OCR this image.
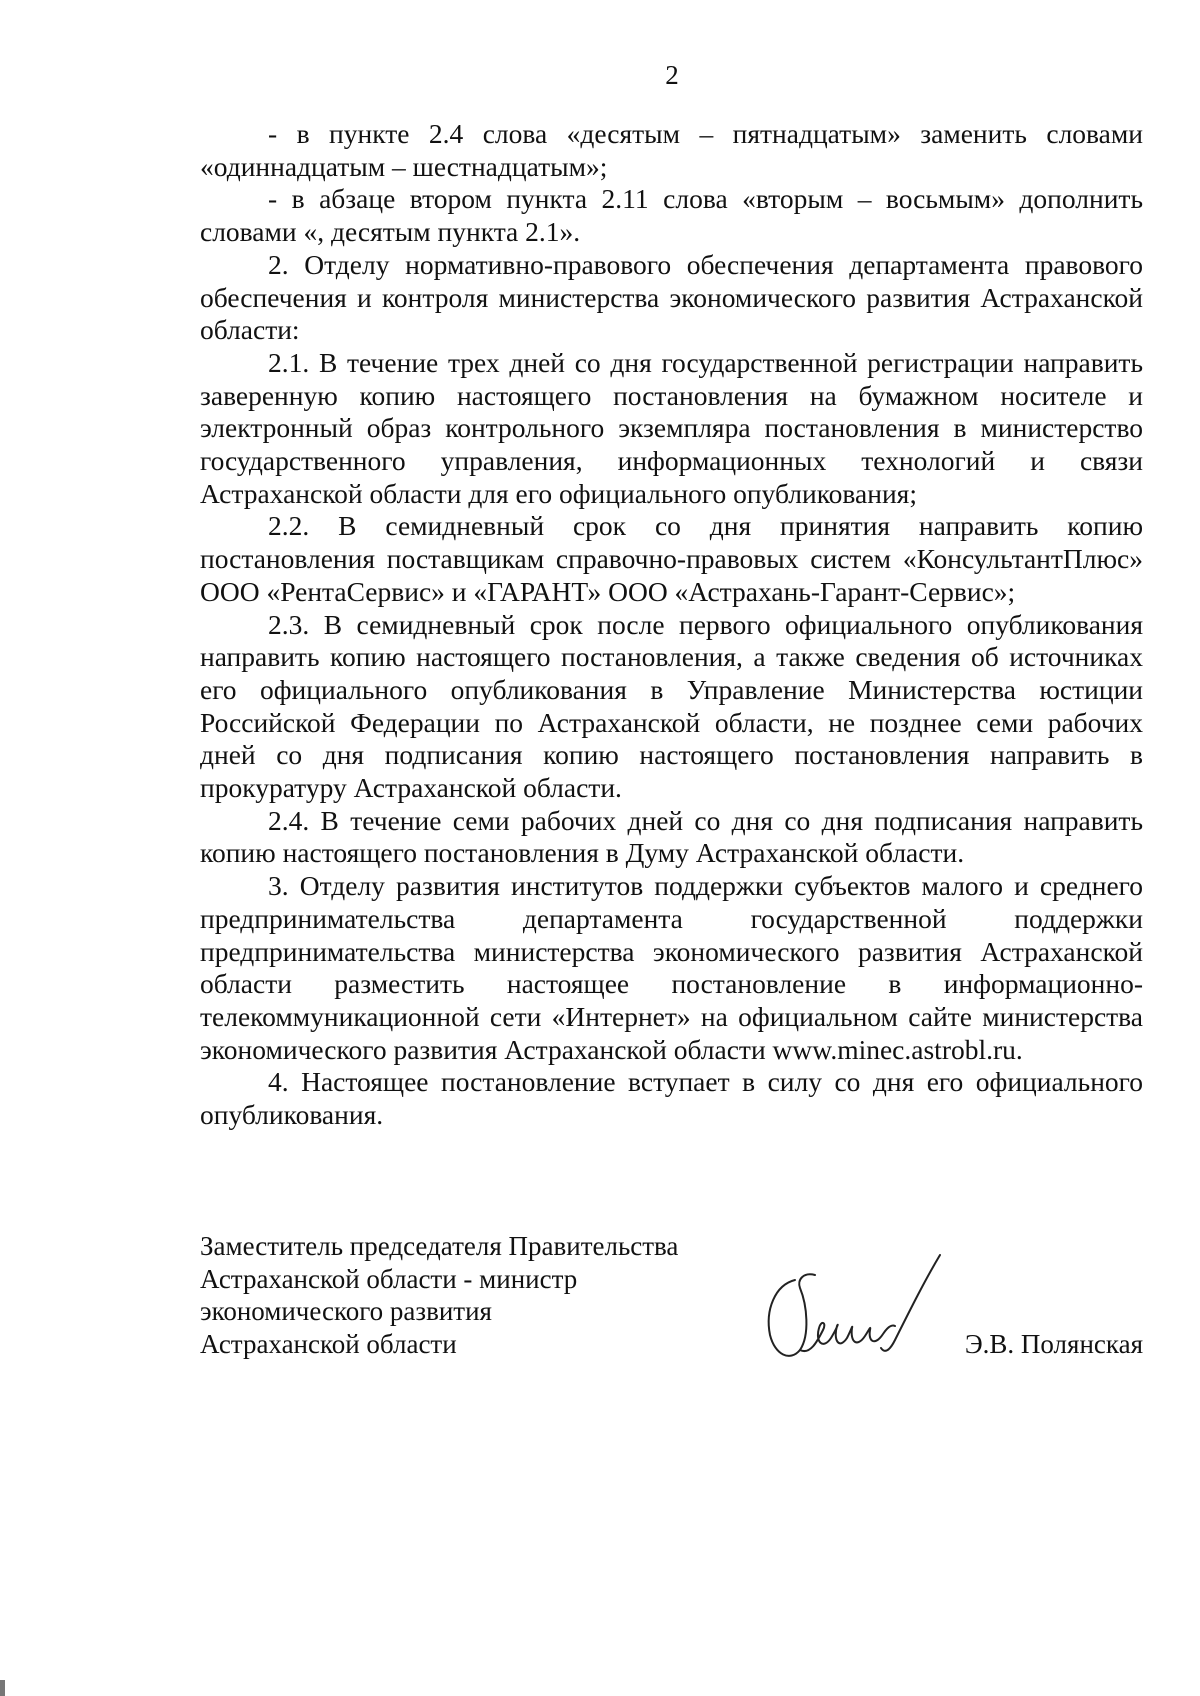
2

- в пункте 2.4 слова «десятым – пятнадцатым» заменить словами «одиннадцатым – шестнадцатым»;

- в абзаце втором пункта 2.11 слова «вторым – восьмым» дополнить словами «, десятым пункта 2.1».

2. Отделу нормативно-правового обеспечения департамента правового обеспечения и контроля министерства экономического развития Астраханской области:

2.1. В течение трех дней со дня государственной регистрации направить заверенную копию настоящего постановления на бумажном носителе и электронный образ контрольного экземпляра постановления в министерство государственного управления, информационных технологий и связи Астраханской области для его официального опубликования;

2.2. В семидневный срок со дня принятия направить копию постановления поставщикам справочно-правовых систем «КонсультантПлюс» ООО «РентаСервис» и «ГАРАНТ» ООО «Астрахань-Гарант-Сервис»;

2.3. В семидневный срок после первого официального опубликования направить копию настоящего постановления, а также сведения об источниках его официального опубликования в Управление Министерства юстиции Российской Федерации по Астраханской области, не позднее семи рабочих дней со дня подписания копию настоящего постановления направить в прокуратуру Астраханской области.

2.4. В течение семи рабочих дней со дня со дня подписания направить копию настоящего постановления в Думу Астраханской области.

3. Отделу развития институтов поддержки субъектов малого и среднего предпринимательства департамента государственной поддержки предпринимательства министерства экономического развития Астраханской области разместить настоящее постановление в информационно-телекоммуникационной сети «Интернет» на официальном сайте министерства экономического развития Астраханской области www.minec.astrobl.ru.

4. Настоящее постановление вступает в силу со дня его официального опубликования.

Заместитель председателя Правительства
Астраханской области - министр
экономического развития
Астраханской области	Э.В. Полянская
